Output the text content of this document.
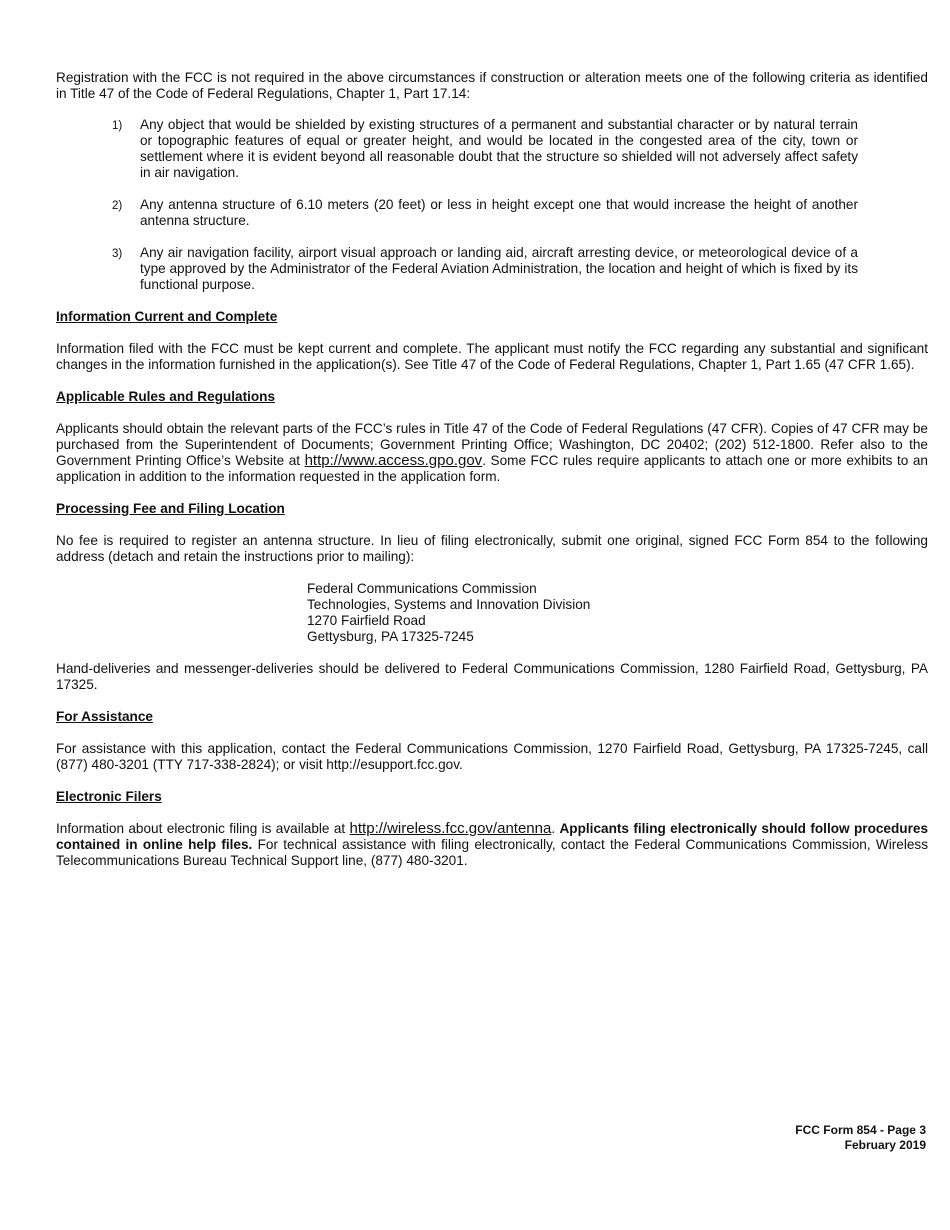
Registration with the FCC is not required in the above circumstances if construction or alteration meets one of the following criteria as identified in Title 47 of the Code of Federal Regulations, Chapter 1, Part 17.14:

1) Any object that would be shielded by existing structures of a permanent and substantial character or by natural terrain or topographic features of equal or greater height, and would be located in the congested area of the city, town or settlement where it is evident beyond all reasonable doubt that the structure so shielded will not adversely affect safety in air navigation.
2) Any antenna structure of 6.10 meters (20 feet) or less in height except one that would increase the height of another antenna structure.
3) Any air navigation facility, airport visual approach or landing aid, aircraft arresting device, or meteorological device of a type approved by the Administrator of the Federal Aviation Administration, the location and height of which is fixed by its functional purpose.
Information Current and Complete

Information filed with the FCC must be kept current and complete. The applicant must notify the FCC regarding any substantial and significant changes in the information furnished in the application(s). See Title 47 of the Code of Federal Regulations, Chapter 1, Part 1.65 (47 CFR 1.65).

Applicable Rules and Regulations

Applicants should obtain the relevant parts of the FCC’s rules in Title 47 of the Code of Federal Regulations (47 CFR). Copies of 47 CFR may be purchased from the Superintendent of Documents; Government Printing Office; Washington, DC 20402; (202) 512-1800. Refer also to the Government Printing Office’s Website at http://www.access.gpo.gov. Some FCC rules require applicants to attach one or more exhibits to an application in addition to the information requested in the application form.

Processing Fee and Filing Location

No fee is required to register an antenna structure. In lieu of filing electronically, submit one original, signed FCC Form 854 to the following address (detach and retain the instructions prior to mailing):

Federal Communications Commission
Technologies, Systems and Innovation Division
1270 Fairfield Road
Gettysburg, PA 17325-7245

Hand-deliveries and messenger-deliveries should be delivered to Federal Communications Commission, 1280 Fairfield Road, Gettysburg, PA 17325.

For Assistance

For assistance with this application, contact the Federal Communications Commission, 1270 Fairfield Road, Gettysburg, PA 17325-7245, call (877) 480-3201 (TTY 717-338-2824); or visit http://esupport.fcc.gov.

Electronic Filers

Information about electronic filing is available at http://wireless.fcc.gov/antenna. Applicants filing electronically should follow procedures contained in online help files. For technical assistance with filing electronically, contact the Federal Communications Commission, Wireless Telecommunications Bureau Technical Support line, (877) 480-3201.

FCC Form 854 - Page 3
February 2019
